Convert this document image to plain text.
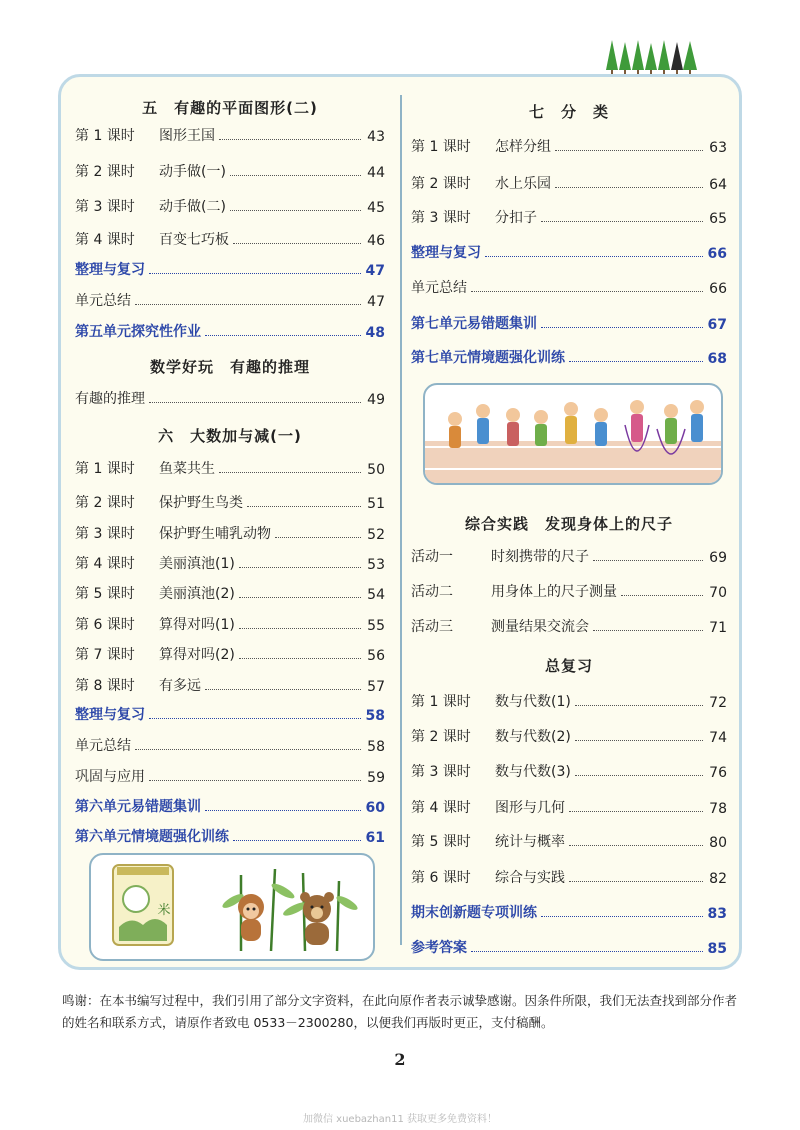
五　有趣的平面图形(二)
第 1 课时 图形王国	43
第 2 课时 动手做(一)	44
第 3 课时 动手做(二)	45
第 4 课时 百变七巧板	46
整理与复习	47
单元总结	47
第五单元探究性作业	48
数学好玩　有趣的推理
有趣的推理	49
六　大数加与减(一)
第 1 课时 鱼菜共生	50
第 2 课时 保护野生鸟类	51
第 3 课时 保护野生哺乳动物	52
第 4 课时 美丽滇池(1)	53
第 5 课时 美丽滇池(2)	54
第 6 课时 算得对吗(1)	55
第 7 课时 算得对吗(2)	56
第 8 课时 有多远	57
整理与复习	58
单元总结	58
巩固与应用	59
第六单元易错题集训	60
第六单元情境题强化训练	61
米
七　分　类
第 1 课时 怎样分组	63
第 2 课时 水上乐园	64
第 3 课时 分扣子	65
整理与复习	66
单元总结	66
第七单元易错题集训	67
第七单元情境题强化训练	68
综合实践　发现身体上的尺子
活动一	时刻携带的尺子	69
活动二	用身体上的尺子测量	70
活动三	测量结果交流会	71
总复习
第 1 课时 数与代数(1)	72
第 2 课时 数与代数(2)	74
第 3 课时 数与代数(3)	76
第 4 课时 图形与几何	78
第 5 课时 统计与概率	80
第 6 课时 综合与实践	82
期末创新题专项训练	83
参考答案	85
鸣谢：在本书编写过程中，我们引用了部分文字资料，在此向原作者表示诚挚感谢。因条件所限，我们无法查找到部分作者的姓名和联系方式，请原作者致电 0533－2300280，以便我们再版时更正，支付稿酬。
2
加微信 xuebazhan11 获取更多免费资料！
